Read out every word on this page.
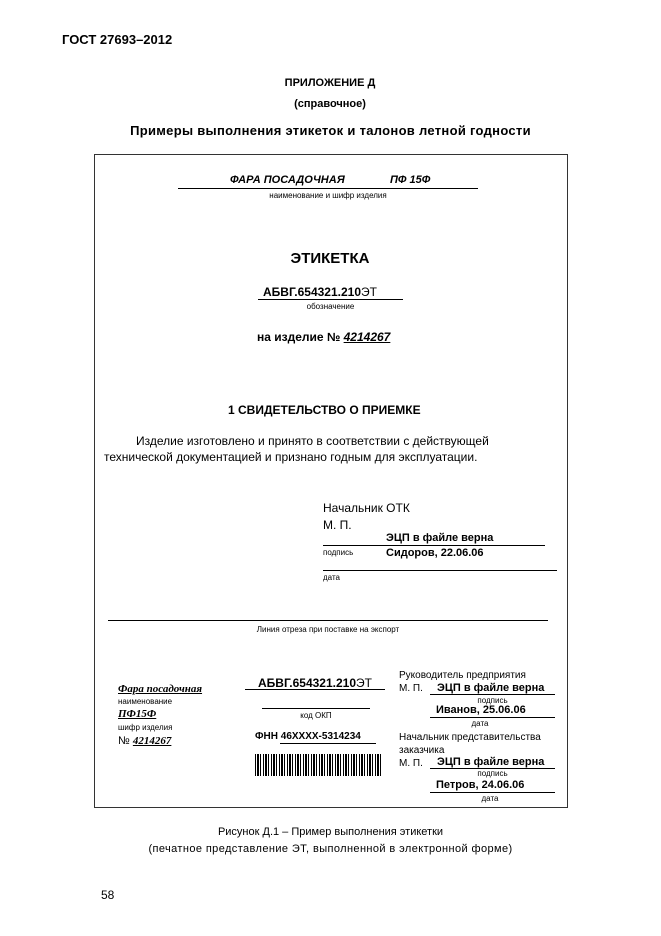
ГОСТ 27693–2012
ПРИЛОЖЕНИЕ Д
(справочное)
Примеры выполнения этикеток и талонов летной годности
ФАРА ПОСАДОЧНАЯ	ПФ 15Ф
наименование и шифр изделия
ЭТИКЕТКА
АБВГ.654321.210ЭТ
обозначение
на изделие № 4214267
1 СВИДЕТЕЛЬСТВО О ПРИЕМКЕ
Изделие изготовлено и принято в соответствии с действующей
технической документацией и признано годным для эксплуатации.
Начальник ОТК
М. П.
ЭЦП в файле верна
подпись	Сидоров, 22.06.06
дата
Линия отреза при поставке на экспорт
Фара посадочная
наименование
ПФ15Ф
шифр изделия
№ 4214267
АБВГ.654321.210ЭТ
код ОКП
ФНН 46ХХХХ-5314234
Руководитель предприятия
М. П. ЭЦП в файле верна
подпись
Иванов, 25.06.06
дата
Начальник представительства
заказчика
М. П. ЭЦП в файле верна
подпись
Петров, 24.06.06
дата
Рисунок Д.1 – Пример выполнения этикетки
(печатное представление ЭТ, выполненной в электронной форме)
58
